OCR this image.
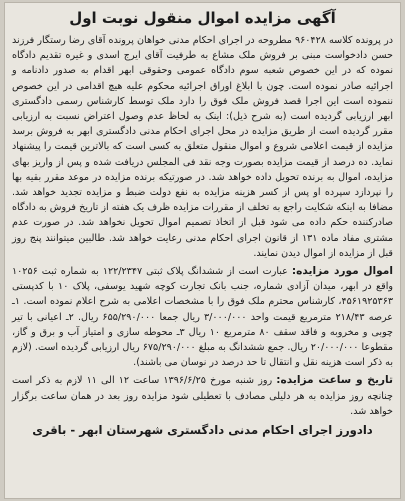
آگهی مزایده اموال منقول نوبت اول

در پرونده کلاسه ۹۶۰۴۲۸ مطروحه در اجرای احکام مدنی خواهان پرونده آقای رضا رستگار فرزند حسن دادخواست مبنی بر فروش ملک مشاع به طرفیت آقای ایرج اسدی و غیره تقدیم دادگاه نموده که در این خصوص شعبه سوم دادگاه عمومی وحقوقی ابهر اقدام به صدور دادنامه و اجرائیه صادر نموده است. چون با ابلاغ اوراق اجرائیه محکوم علیه هیچ اقدامی در این خصوص ننموده است این اجرا قصد فروش ملک فوق را دارد ملک توسط کارشناس رسمی دادگستری ابهر ارزیابی گردیده است (به شرح ذیل): اینک به لحاظ عدم وصول اعتراض نسبت به ارزیابی مقرر گردیده است از طریق مزایده در محل اجرای احکام مدنی دادگستری ابهر به فروش برسد مزایده از قیمت اعلامی شروع و اموال منقول متعلق به کسی است که بالاترین قیمت را پیشنهاد نماید. ده درصد از قیمت مزایده بصورت وجه نقد فی المجلس دریافت شده و پس از واریز بهای مزایده، اموال به برنده تحویل داده خواهد شد. در صورتیکه برنده مزایده در موعد مقرر بقیه بها را نپردازد سپرده او پس از کسر هزینه مزایده به نفع دولت ضبط و مزایده تجدید خواهد شد. مضافا به اینکه شکایت راجع به تخلف از مقررات مزایده ظرف یک هفته از تاریخ فروش به دادگاه صادرکننده حکم داده می شود قبل از اتخاذ تصمیم اموال تحویل نخواهد شد. در صورت عدم مشتری مفاد ماده ۱۳۱ از قانون اجرای احکام مدنی رعایت خواهد شد. طالبین میتوانند پنج روز قبل از مزایده از اموال دیدن نمایند.

اموال مورد مزایده: عبارت است از ششدانگ پلاک ثبتی ۱۲۲/۲۳۴۷ به شماره ثبت ۱۰۲۵۶ واقع در ابهر، میدان آزادی شماره، جنب بانک تجارت کوچه شهید یوسفی، پلاک ۱۰ با کدپستی ۴۵۶۱۹۲۵۳۶۳، کارشناس محترم ملک فوق را با مشخصات اعلامی به شرح اعلام نموده است. ۱ـ عرصه ۲۱۸/۴۳ مترمربع قیمت واحد ۳/۰۰۰/۰۰۰ ریال جمعا ۶۵۵/۲۹۰/۰۰۰ ریال. ۲ـ اعیانی با تیر چوبی و مخروبه و فاقد سقف ۸۰ مترمربع ۱۰ ریال ۳ـ محوطه سازی و امتیاز آب و برق و گاز، مقطوعا ۲۰/۰۰۰/۰۰۰ ریال. جمع ششدانگ به مبلغ ۶۷۵/۲۹۰/۰۰۰ ریال ارزیابی گردیده است. (لازم به ذکر است هزینه نقل و انتقال تا حد درصد در نوسان می باشند).

تاریخ و ساعت مزایده: روز شنبه مورخ ۱۳۹۶/۶/۲۵ ساعت ۱۲ الی ۱۱ لازم به ذکر است چنانچه روز مزایده به هر دلیلی مصادف با تعطیلی شود مزایده روز بعد در همان ساعت برگزار خواهد شد.

دادورز اجرای احکام مدنی دادگستری شهرستان ابهر - باقری
